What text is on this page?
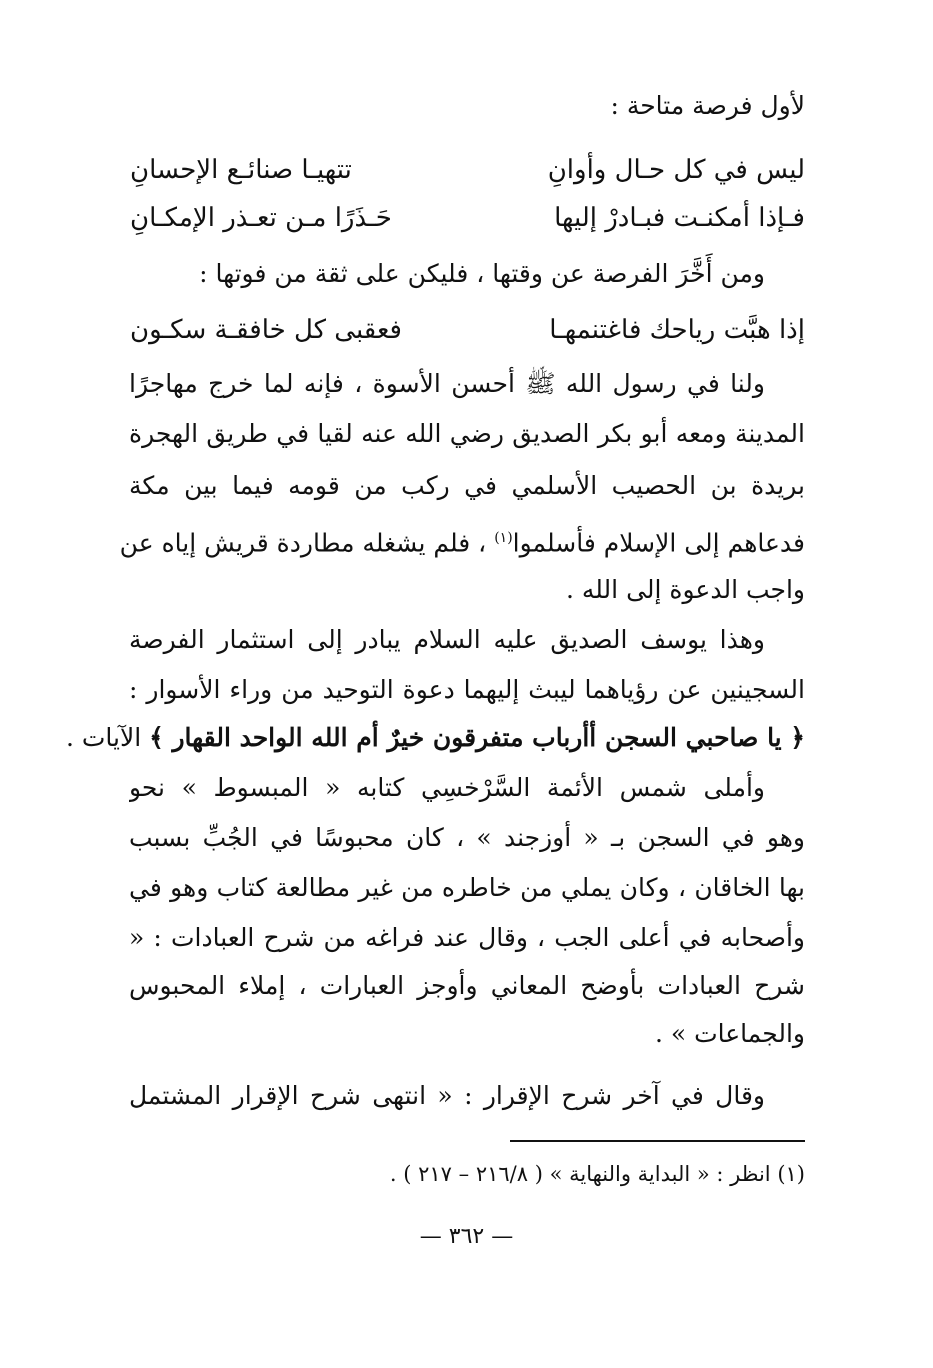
لأول فرصة متاحة :
ليس في كل حـال وأوانِ
تتهيـا صنائـع الإحسانِ
فـإذا أمكنـت فبـادرْ إليها
حَـذَرًا مـن تعـذر الإمكـانِ
ومن أَخَّرَ الفرصة عن وقتها ، فليكن على ثقة من فوتها :
إذا هبَّت رياحك فاغتنمهـا
فعقبى كل خافقـة سكـون
ولنا في رسول الله ﷺ أحسن الأسوة ، فإنه لما خرج مهاجرًا
المدينة ومعه أبو بكر الصديق رضي الله عنه لقيا في طريق الهجرة
بريدة بن الحصيب الأسلمي في ركب من قومه فيما بين مكة
فدعاهم إلى الإسلام فأسلموا$^{(١)}$ ، فلم يشغله مطاردة قريش إياه عن
واجب الدعوة إلى الله .
وهذا يوسف الصديق عليه السلام يبادر إلى استثمار الفرصة
السجينين عن رؤياهما ليبث إليهما دعوة التوحيد من وراء الأسوار :
﴿ يا صاحبي السجن أأرباب متفرقون خيرٌ أم الله الواحد القهار ﴾ الآيات .
وأملى شمس الأئمة السَّرْخسِي كتابه « المبسوط » نحو
وهو في السجن بـ « أوزجند » ، كان محبوسًا في الجُبِّ بسبب
بها الخاقان ، وكان يملي من خاطره من غير مطالعة كتاب وهو في
وأصحابه في أعلى الجب ، وقال عند فراغه من شرح العبادات : «
شرح العبادات بأوضح المعاني وأوجز العبارات ، إملاء المحبوس
والجماعات » .
وقال في آخر شرح الإقرار : « انتهى شرح الإقرار المشتمل
(١) انظر : « البداية والنهاية » ( ٢١٦/٨ – ٢١٧ ) .
— ٣٦٢ —
